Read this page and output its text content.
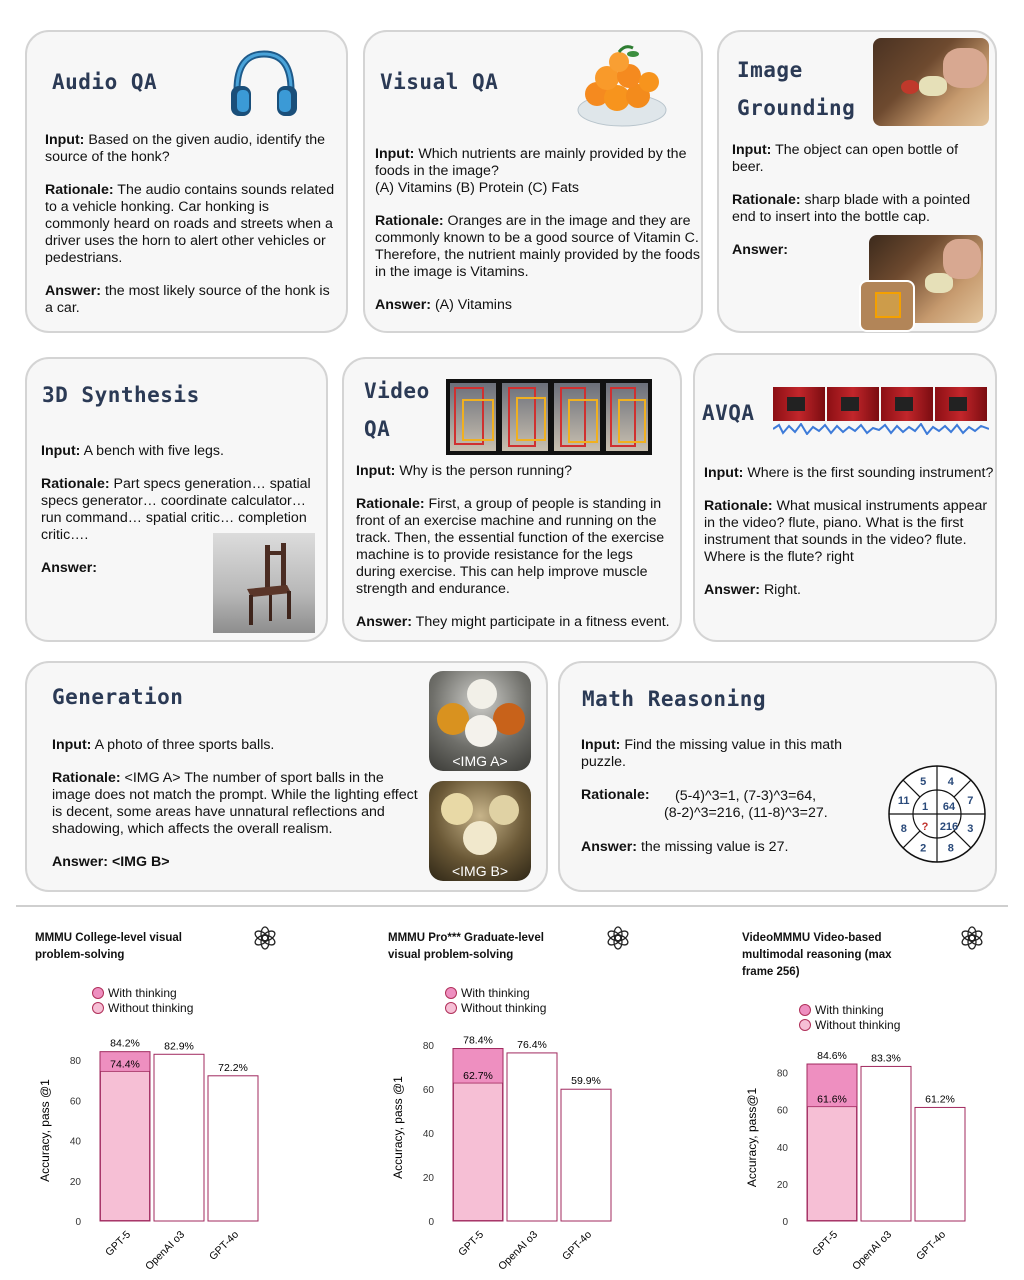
Audio QA

Input: Based on the given audio, identify the source of the honk?

Rationale: The audio contains sounds related to a vehicle honking. Car honking is commonly heard on roads and streets when a driver uses the horn to alert other vehicles or pedestrians.

Answer: the most likely source of the honk is a car.

Visual QA

Input: Which nutrients are mainly provided by the foods in the image?
(A) Vitamins (B) Protein (C) Fats

Rationale: Oranges are in the image and they are commonly known to be a good source of Vitamin C. Therefore, the nutrient mainly provided by the foods in the image is Vitamins.

Answer: (A) Vitamins

Image
Grounding

Input: The object can open bottle of beer.

Rationale: sharp blade with a pointed end to insert into the bottle cap.

Answer:

3D Synthesis

Input: A bench with five legs.

Rationale: Part specs generation… spatial specs generator… coordinate calculator… run command… spatial critic… completion critic….

Answer:

Video
QA

Input: Why is the person running?

Rationale: First, a group of people is standing in front of an exercise machine and running on the track. Then, the essential function of the exercise machine is to provide resistance for the legs during exercise. This can help improve muscle strength and endurance.

Answer: They might participate in a fitness event.

AVQA

Input: Where is the first sounding instrument?

Rationale: What musical instruments appear in the video? flute, piano. What is the first instrument that sounds in the video? flute. Where is the flute? right

Answer: Right.

Generation

Input: A photo of three sports balls.

Rationale: <IMG A> The number of sport balls in the image does not match the prompt. While the lighting effect is decent, some areas have unnatural reflections and shadowing, which affects the overall realism.

Answer: <IMG B>

<IMG A>
<IMG B>
Math Reasoning

Input: Find the missing value in this math puzzle.

Rationale:	(5-4)^3=1, (7-3)^3=64,
(8-2)^3=216, (11-8)^3=27.
Answer: the missing value is 27.
4
7
3
8
2
8
11
5
1 64
216
?
MMMU College-level visual problem-solving
With thinking
Without thinking
Accuracy, pass @1
0
20
40
60
80	74.4%
84.2%
GPT-5
82.9%
OpenAI o3
72.2%
GPT-4o
MMMU Pro*** Graduate-level visual problem-solving
With thinking
Without thinking
Accuracy, pass @1
0
20
40
60
80
62.7%
78.4%
GPT-5
76.4%
OpenAI o3
59.9%
GPT-4o
VideoMMMU Video-based multimodal reasoning (max frame 256)
With thinking
Without thinking
Accuracy, pass@1
0
20
40
60
80
61.6%
84.6%
GPT-5
83.3%
OpenAI o3
61.2%
GPT-4o
